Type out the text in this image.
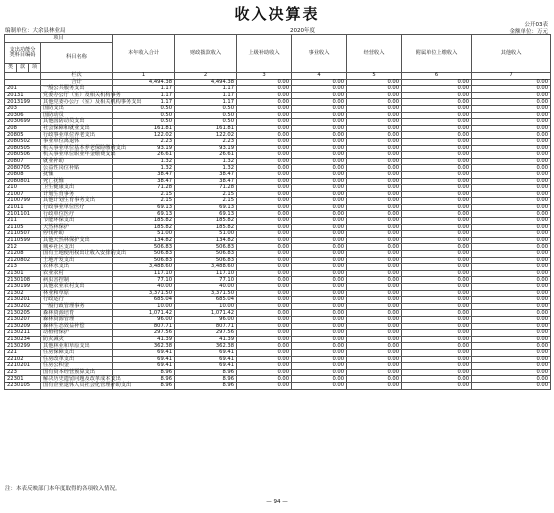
收入决算表
公开03表
编制单位：大余县林业局	2020年度	金额单位：万元
项目				本年收入合计	财政拨款收入	上级补助收入	事业收入	经营收入	附属单位上缴收入	其他收入
支出功能分类科目编码			科目名称							
类	款	项								
			栏次	1	2	3	4	5	6	7
			合计	4,494.38	4,494.38	0.00	0.00	0.00	0.00	0.00
201			一般公共服务支出	1.17	1.17	0.00	0.00	0.00	0.00	0.00
20131			党委办公厅（室）及相关机构事务	1.17	1.17	0.00	0.00	0.00	0.00	0.00
2013199			其他党委办公厅（室）及相关机构事务支出	1.17	1.17	0.00	0.00	0.00	0.00	0.00
203			国防支出	0.50	0.50	0.00	0.00	0.00	0.00	0.00
20306			国防动员	0.50	0.50	0.00	0.00	0.00	0.00	0.00
2030699			其他国防动员支出	0.50	0.50	0.00	0.00	0.00	0.00	0.00
208			社会保障和就业支出	161.81	161.81	0.00	0.00	0.00	0.00	0.00
20805			行政事业单位养老支出	122.02	122.02	0.00	0.00	0.00	0.00	0.00
2080502			事业单位离退休	2.23	2.23	0.00	0.00	0.00	0.00	0.00
2080505			机关事业单位基本养老保险缴费支出	93.19	93.19	0.00	0.00	0.00	0.00	0.00
2080506			机关事业单位职业年金缴费支出	26.61	26.61	0.00	0.00	0.00	0.00	0.00
20807			就业补助	1.32	1.32	0.00	0.00	0.00	0.00	0.00
2080705			公益性岗位补贴	1.32	1.32	0.00	0.00	0.00	0.00	0.00
20808			抚恤	38.47	38.47	0.00	0.00	0.00	0.00	0.00
2080801			死亡抚恤	38.47	38.47	0.00	0.00	0.00	0.00	0.00
210			卫生健康支出	71.28	71.28	0.00	0.00	0.00	0.00	0.00
21007			计划生育事务	2.15	2.15	0.00	0.00	0.00	0.00	0.00
2100799			其他计划生育事务支出	2.15	2.15	0.00	0.00	0.00	0.00	0.00
21011			行政事业单位医疗	69.13	69.13	0.00	0.00	0.00	0.00	0.00
2101101			行政单位医疗	69.13	69.13	0.00	0.00	0.00	0.00	0.00
211			节能环保支出	185.82	185.82	0.00	0.00	0.00	0.00	0.00
21105			天然林保护	185.82	185.82	0.00	0.00	0.00	0.00	0.00
2110507			停伐补助	51.00	51.00	0.00	0.00	0.00	0.00	0.00
2110599			其他天然林保护支出	134.82	134.82	0.00	0.00	0.00	0.00	0.00
212			城乡社区支出	506.83	506.83	0.00	0.00	0.00	0.00	0.00
21208			国有土地使用权出让收入安排的支出	506.83	506.83	0.00	0.00	0.00	0.00	0.00
2120802			土地开发支出	506.83	506.83	0.00	0.00	0.00	0.00	0.00
213			农林水支出	3,488.60	3,488.60	0.00	0.00	0.00	0.00	0.00
21301			农业农村	117.10	117.10	0.00	0.00	0.00	0.00	0.00
2130108			病虫害控制	77.10	77.10	0.00	0.00	0.00	0.00	0.00
2130199			其他农业农村支出	40.00	40.00	0.00	0.00	0.00	0.00	0.00
21302			林业和草原	3,371.50	3,371.50	0.00	0.00	0.00	0.00	0.00
2130201			行政运行	685.04	685.04	0.00	0.00	0.00	0.00	0.00
2130202			一般行政管理事务	10.00	10.00	0.00	0.00	0.00	0.00	0.00
2130205			森林资源培育	1,071.42	1,071.42	0.00	0.00	0.00	0.00	0.00
2130207			森林资源管理	96.00	96.00	0.00	0.00	0.00	0.00	0.00
2130209			森林生态效益补偿	807.71	807.71	0.00	0.00	0.00	0.00	0.00
2130211			动植物保护	297.56	297.56	0.00	0.00	0.00	0.00	0.00
2130234			防灾减灾	41.39	41.39	0.00	0.00	0.00	0.00	0.00
2130299			其他林业和草原支出	362.38	362.38	0.00	0.00	0.00	0.00	0.00
221			住房保障支出	69.41	69.41	0.00	0.00	0.00	0.00	0.00
22102			住房改革支出	69.41	69.41	0.00	0.00	0.00	0.00	0.00
2210201			住房公积金	69.41	69.41	0.00	0.00	0.00	0.00	0.00
223			国有资本经营预算支出	8.96	8.96	0.00	0.00	0.00	0.00	0.00
22301			解决历史遗留问题及改革成本支出	8.96	8.96	0.00	0.00	0.00	0.00	0.00
2230105			国有企业退休人员社会化管理补助支出	8.96	8.96	0.00	0.00	0.00	0.00	0.00
注：本表反映部门本年度取得的各项收入情况。
— 94 —
